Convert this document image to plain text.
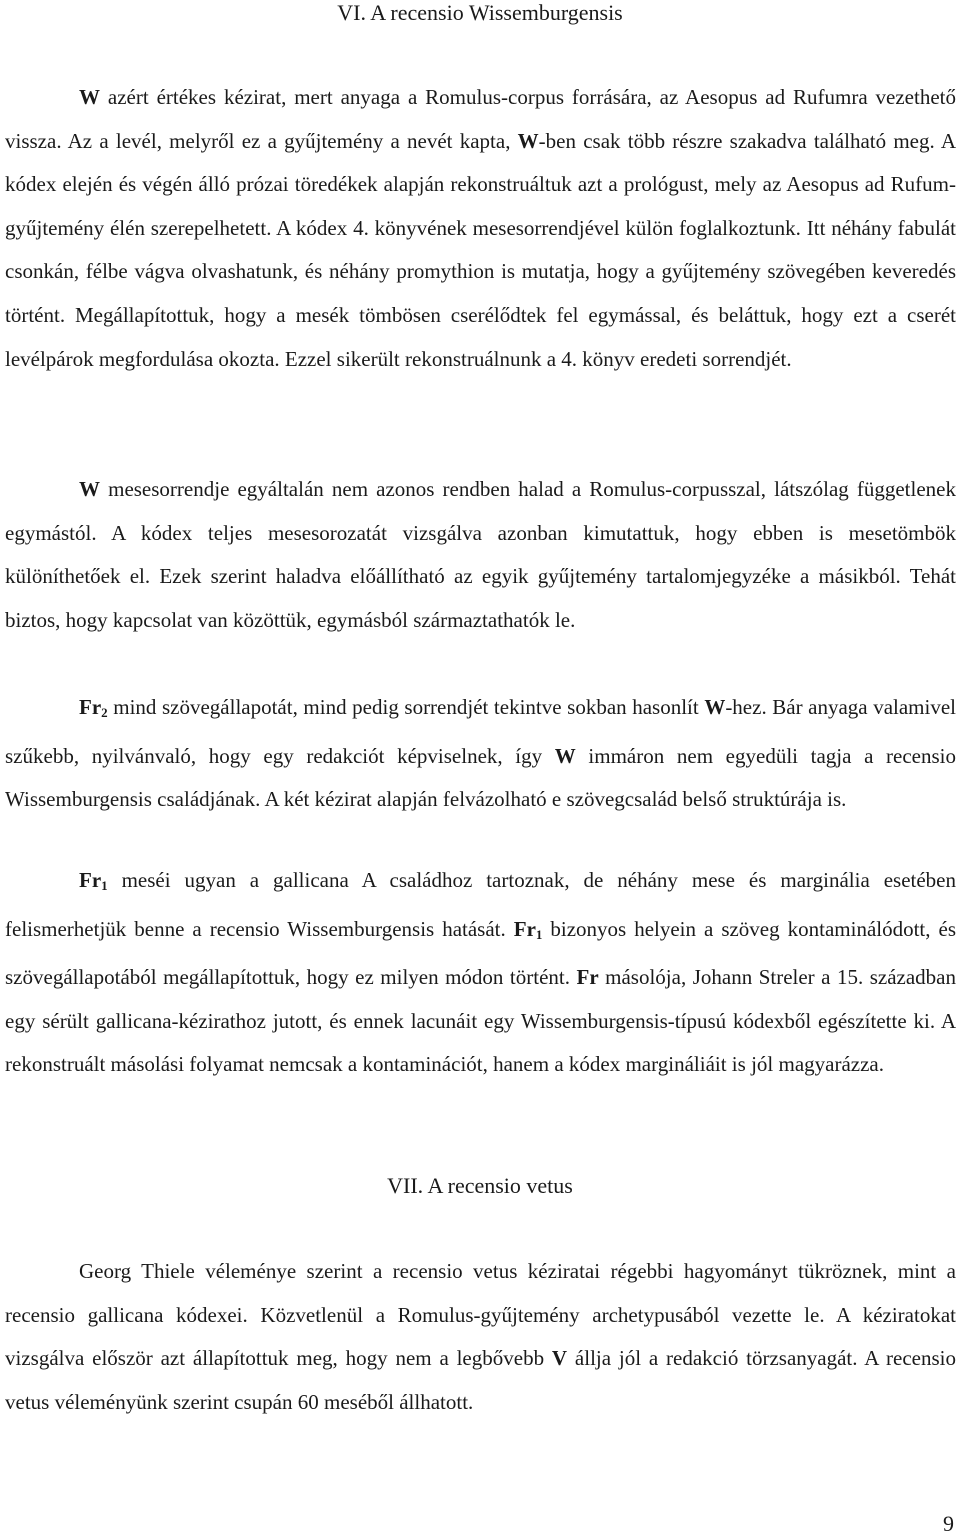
VI. A recensio Wissemburgensis

W azért értékes kézirat, mert anyaga a Romulus-corpus forrására, az Aesopus ad Rufumra vezethető vissza. Az a levél, melyről ez a gyűjtemény a nevét kapta, W-ben csak több részre szakadva található meg. A kódex elején és végén álló prózai töredékek alapján rekonstruáltuk azt a prológust, mely az Aesopus ad Rufum-gyűjtemény élén szerepelhetett. A kódex 4. könyvének mesesorrendjével külön foglalkoztunk. Itt néhány fabulát csonkán, félbe vágva olvashatunk, és néhány promythion is mutatja, hogy a gyűjtemény szövegében keveredés történt. Megállapítottuk, hogy a mesék tömbösen cserélődtek fel egymással, és beláttuk, hogy ezt a cserét levélpárok megfordulása okozta. Ezzel sikerült rekonstruálnunk a 4. könyv eredeti sorrendjét.

W mesesorrendje egyáltalán nem azonos rendben halad a Romulus-corpusszal, látszólag függetlenek egymástól. A kódex teljes mesesorozatát vizsgálva azonban kimutattuk, hogy ebben is mesetömbök különíthetőek el. Ezek szerint haladva előállítható az egyik gyűjtemény tartalomjegyzéke a másikból. Tehát biztos, hogy kapcsolat van közöttük, egymásból származtathatók le.

$Fr_2$ mind szövegállapotát, mind pedig sorrendjét tekintve sokban hasonlít W-hez. Bár anyaga valamivel szűkebb, nyilvánvaló, hogy egy redakciót képviselnek, így W immáron nem egyedüli tagja a recensio Wissemburgensis családjának. A két kézirat alapján felvázolható e szövegcsalád belső struktúrája is.

$Fr_1$ meséi ugyan a gallicana A családhoz tartoznak, de néhány mese és marginália esetében felismerhetjük benne a recensio Wissemburgensis hatását. $Fr_1$ bizonyos helyein a szöveg kontaminálódott, és szövegállapotából megállapítottuk, hogy ez milyen módon történt. Fr másolója, Johann Streler a 15. században egy sérült gallicana-kézirathoz jutott, és ennek lacunáit egy Wissemburgensis-típusú kódexből egészítette ki. A rekonstruált másolási folyamat nemcsak a kontaminációt, hanem a kódex margináliáit is jól magyarázza.

VII. A recensio vetus

Georg Thiele véleménye szerint a recensio vetus kéziratai régebbi hagyományt tükröznek, mint a recensio gallicana kódexei. Közvetlenül a Romulus-gyűjtemény archetypusából vezette le. A kéziratokat vizsgálva először azt állapítottuk meg, hogy nem a legbővebb V állja jól a redakció törzsanyagát. A recensio vetus véleményünk szerint csupán 60 meséből állhatott.

9
